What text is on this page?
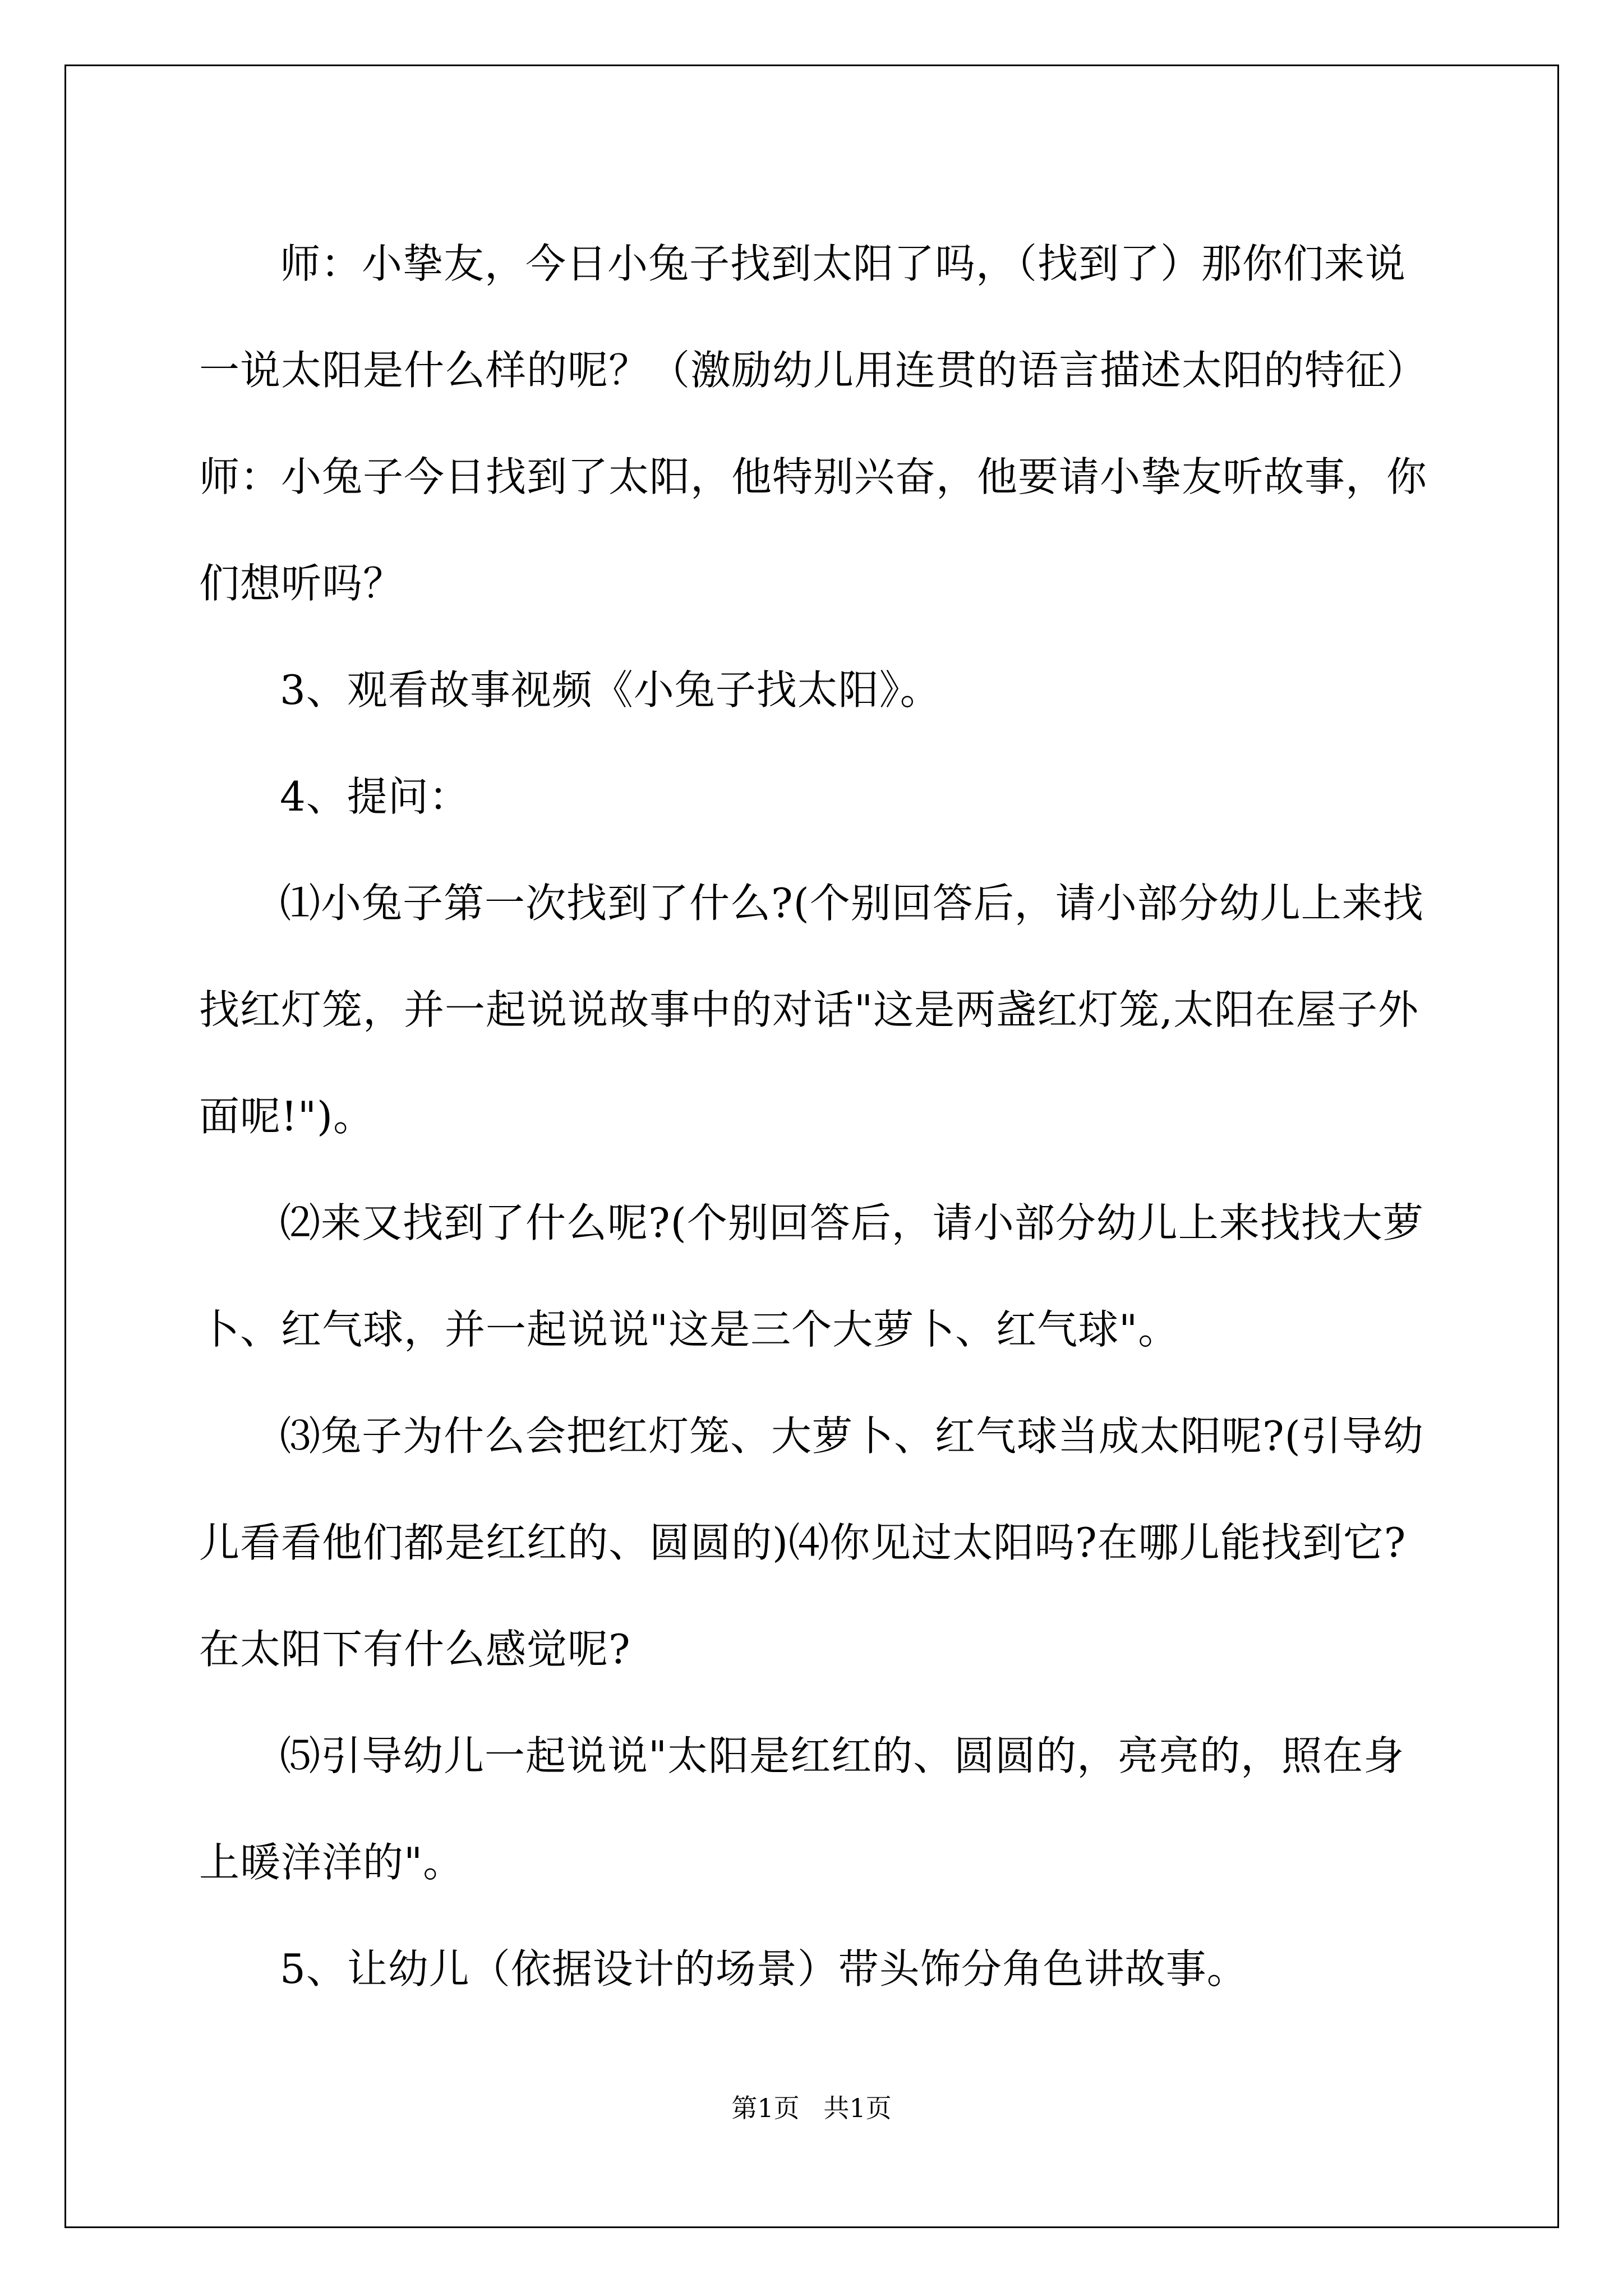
师：小挚友，今日小兔子找到太阳了吗，（找到了）那你们来说一说太阳是什么样的呢？（激励幼儿用连贯的语言描述太阳的特征）师：小兔子今日找到了太阳，他特别兴奋，他要请小挚友听故事，你们想听吗？

3、观看故事视频《小兔子找太阳》。

4、提问：

⑴小兔子第一次找到了什么?(个别回答后，请小部分幼儿上来找找红灯笼，并一起说说故事中的对话"这是两盏红灯笼,太阳在屋子外面呢!")。

⑵来又找到了什么呢?(个别回答后，请小部分幼儿上来找找大萝卜、红气球，并一起说说"这是三个大萝卜、红气球"。

⑶兔子为什么会把红灯笼、大萝卜、红气球当成太阳呢?(引导幼儿看看他们都是红红的、圆圆的)⑷你见过太阳吗?在哪儿能找到它?在太阳下有什么感觉呢?

⑸引导幼儿一起说说"太阳是红红的、圆圆的，亮亮的，照在身上暖洋洋的"。

5、让幼儿（依据设计的场景）带头饰分角色讲故事。

第1页 共1页
